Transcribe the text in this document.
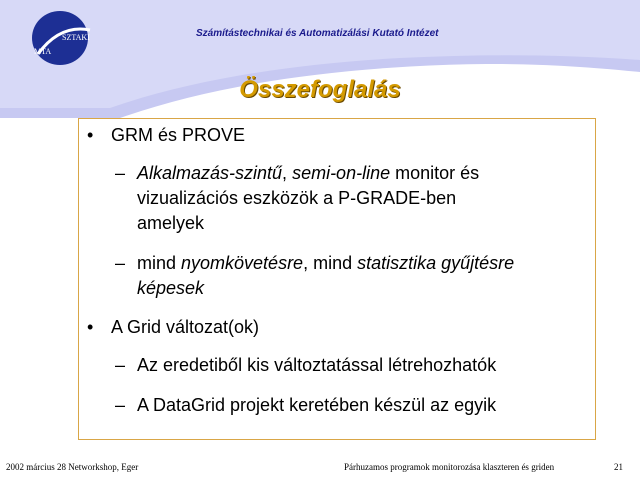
MTA
SZTAKI	Számítástechnikai és Automatizálási Kutató Intézet
Összefoglalás
• GRM és PROVE
– Alkalmazás-szintű, semi-on-line monitor és
vizualizációs eszközök a P-GRADE-ben
amelyek
– mind nyomkövetésre, mind statisztika gyűjtésre
képesek
• A Grid változat(ok)
– Az eredetiből kis változtatással létrehozhatók
– A DataGrid projekt keretében készül az egyik
2002 március 28 Networkshop, Eger	Párhuzamos programok monitorozása klaszteren és griden	21
